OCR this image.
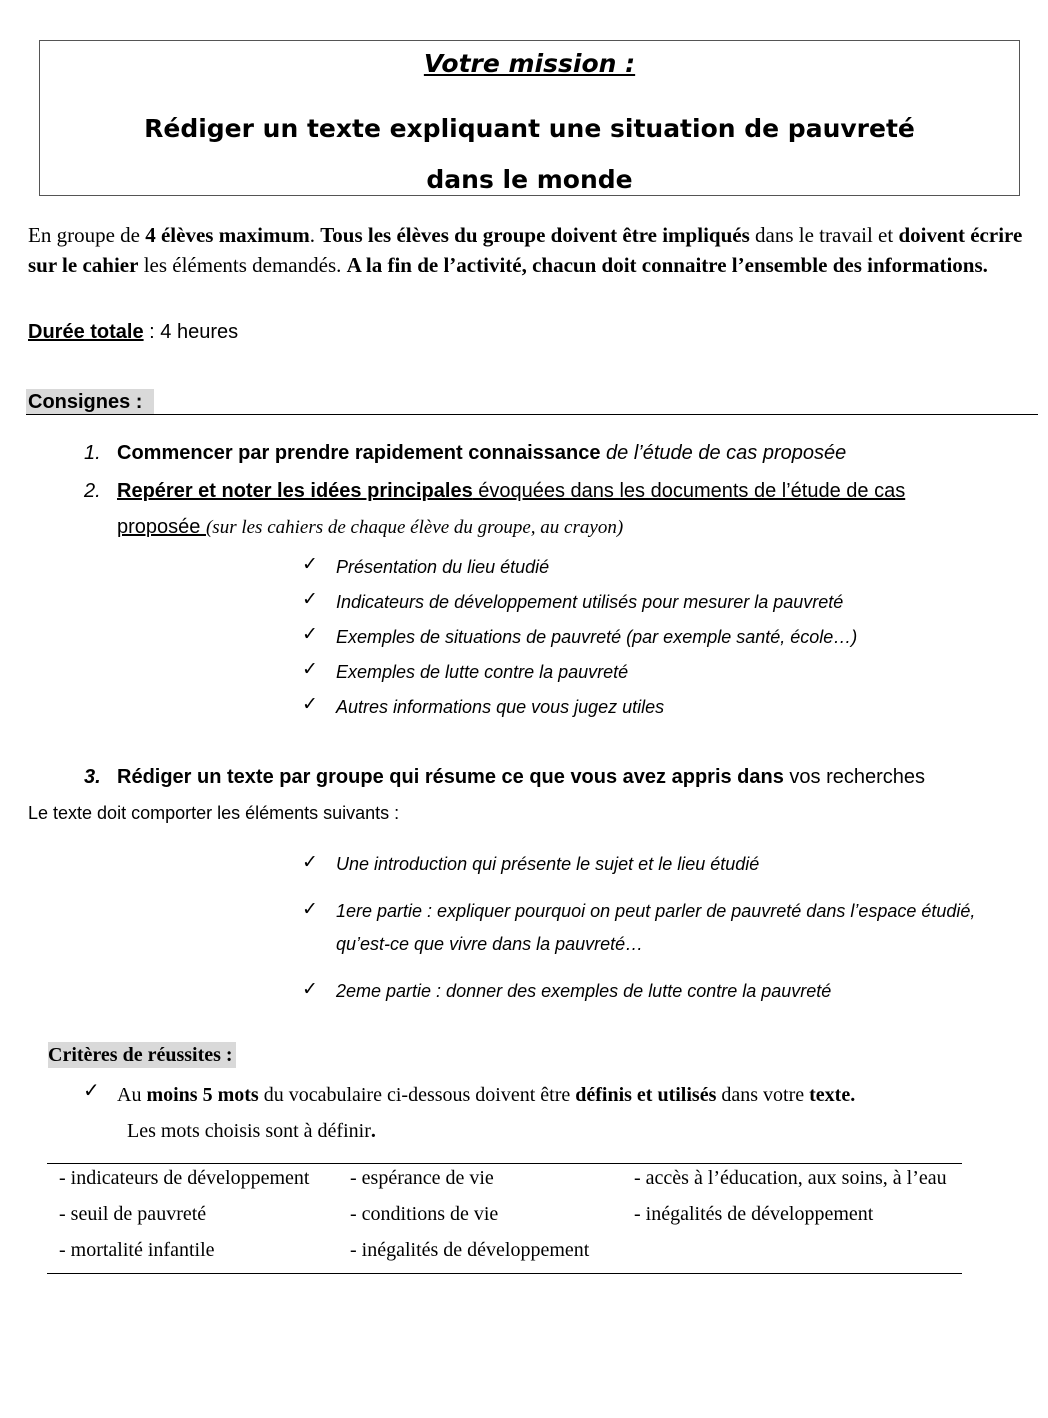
Votre mission :
Rédiger un texte expliquant une situation de pauvreté
dans le monde
En groupe de 4 élèves maximum. Tous les élèves du groupe doivent être impliqués dans le travail et doivent écrire sur le cahier les éléments demandés. A la fin de l’activité, chacun doit connaitre l’ensemble des informations.
Durée totale : 4 heures
Consignes :
1. Commencer par prendre rapidement connaissance de l’étude de cas proposée
2. Repérer et noter les idées principales évoquées dans les documents de l’étude de cas
proposée (sur les cahiers de chaque élève du groupe, au crayon)
✓ Présentation du lieu étudié
✓ Indicateurs de développement utilisés pour mesurer la pauvreté
✓ Exemples de situations de pauvreté (par exemple santé, école…)
✓ Exemples de lutte contre la pauvreté
✓ Autres informations que vous jugez utiles
3. Rédiger un texte par groupe qui résume ce que vous avez appris dans vos recherches
Le texte doit comporter les éléments suivants :
✓ Une introduction qui présente le sujet et le lieu étudié
✓ 1ere partie : expliquer pourquoi on peut parler de pauvreté dans l’espace étudié, qu’est-ce que vivre dans la pauvreté…
✓ 2eme partie : donner des exemples de lutte contre la pauvreté
Critères de réussites :
✓ Au moins 5 mots du vocabulaire ci-dessous doivent être définis et utilisés dans votre texte.  Les mots choisis sont à définir.
- indicateurs de développement
- seuil de pauvreté
- mortalité infantile
- espérance de vie
- conditions de vie
- inégalités de développement
- accès à l’éducation, aux soins, à l’eau
- inégalités de développement
